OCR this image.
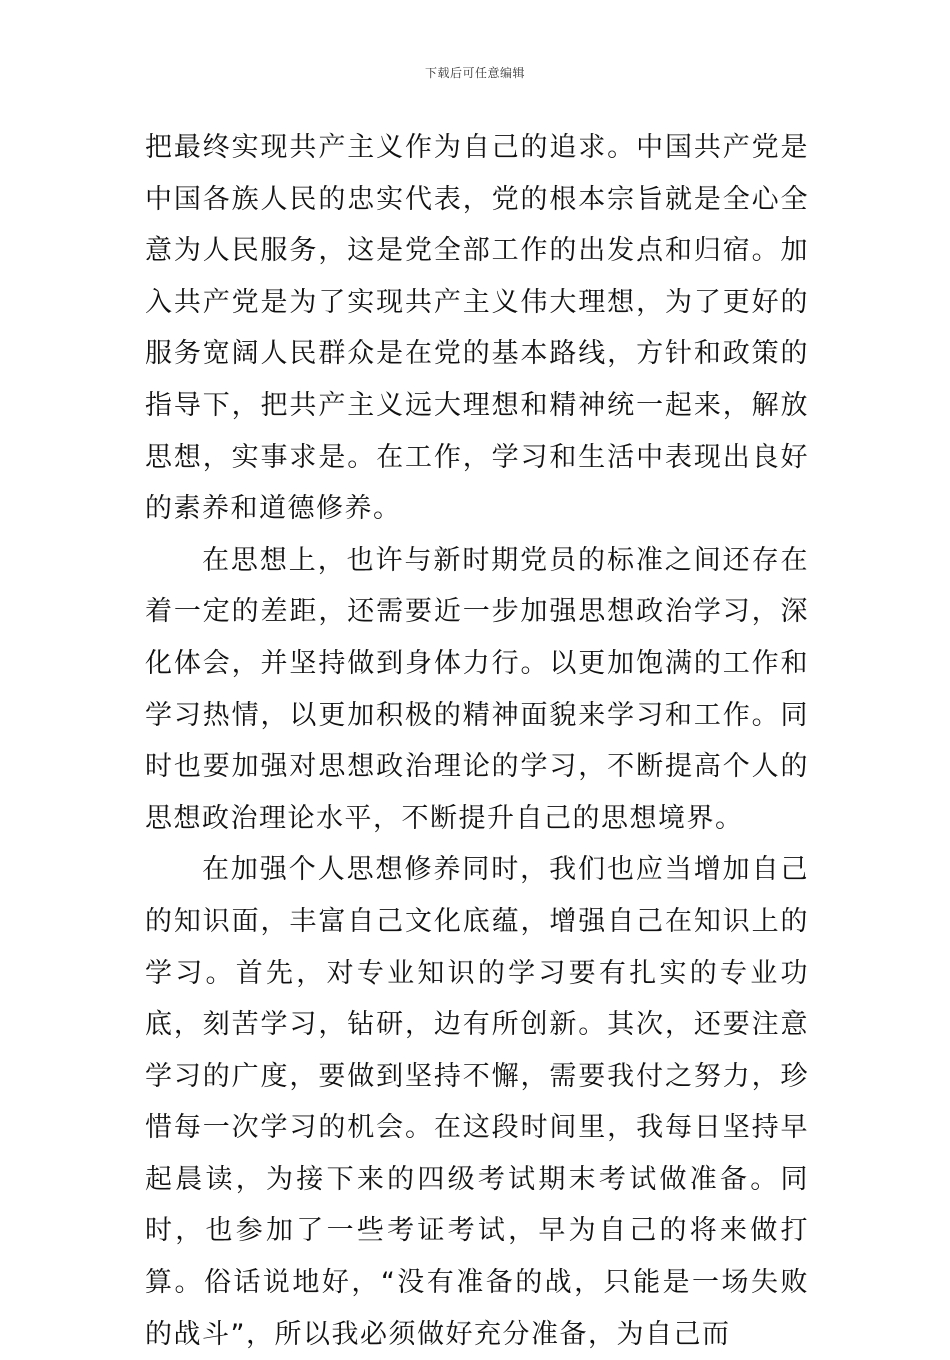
下载后可任意编辑

把最终实现共产主义作为自己的追求。中国共产党是中国各族人民的忠实代表，党的根本宗旨就是全心全意为人民服务，这是党全部工作的出发点和归宿。加入共产党是为了实现共产主义伟大理想，为了更好的服务宽阔人民群众是在党的基本路线，方针和政策的指导下，把共产主义远大理想和精神统一起来，解放思想，实事求是。在工作，学习和生活中表现出良好的素养和道德修养。

在思想上，也许与新时期党员的标准之间还存在着一定的差距，还需要近一步加强思想政治学习，深化体会，并坚持做到身体力行。以更加饱满的工作和学习热情，以更加积极的精神面貌来学习和工作。同时也要加强对思想政治理论的学习，不断提高个人的思想政治理论水平，不断提升自己的思想境界。

在加强个人思想修养同时，我们也应当增加自己的知识面，丰富自己文化底蕴，增强自己在知识上的学习。首先，对专业知识的学习要有扎实的专业功底，刻苦学习，钻研，边有所创新。其次，还要注意学习的广度，要做到坚持不懈，需要我付之努力，珍惜每一次学习的机会。在这段时间里，我每日坚持早起晨读，为接下来的四级考试期末考试做准备。同时，也参加了一些考证考试，早为自己的将来做打算。俗话说地好，“没有准备的战，只能是一场失败的战斗”，所以我必须做好充分准备，为自己而
